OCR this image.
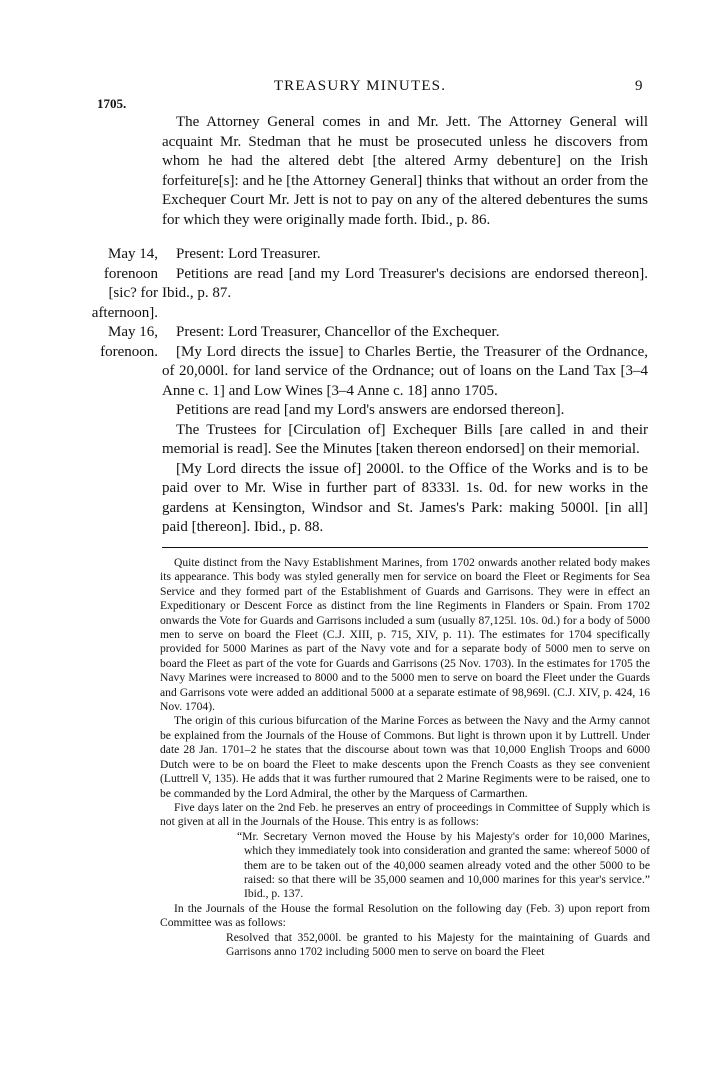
TREASURY MINUTES.	9
1705.

The Attorney General comes in and Mr. Jett. The Attorney General will acquaint Mr. Stedman that he must be prosecuted unless he discovers from whom he had the altered debt [the altered Army debenture] on the Irish forfeiture[s]: and he [the Attorney General] thinks that without an order from the Exchequer Court Mr. Jett is not to pay on any of the altered debentures the sums for which they were originally made forth. Ibid., p. 86.

May 14, forenoon [sic? for afternoon].

Present: Lord Treasurer.

Petitions are read [and my Lord Treasurer's decisions are endorsed thereon]. Ibid., p. 87.

May 16, forenoon.

Present: Lord Treasurer, Chancellor of the Exchequer.

[My Lord directs the issue] to Charles Bertie, the Treasurer of the Ordnance, of 20,000l. for land service of the Ordnance; out of loans on the Land Tax [3–4 Anne c. 1] and Low Wines [3–4 Anne c. 18] anno 1705.

Petitions are read [and my Lord's answers are endorsed thereon].

The Trustees for [Circulation of] Exchequer Bills [are called in and their memorial is read]. See the Minutes [taken thereon endorsed] on their memorial.

[My Lord directs the issue of] 2000l. to the Office of the Works and is to be paid over to Mr. Wise in further part of 8333l. 1s. 0d. for new works in the gardens at Kensington, Windsor and St. James's Park: making 5000l. [in all] paid [thereon]. Ibid., p. 88.

Quite distinct from the Navy Establishment Marines, from 1702 onwards another related body makes its appearance. This body was styled generally men for service on board the Fleet or Regiments for Sea Service and they formed part of the Establishment of Guards and Garrisons. They were in effect an Expeditionary or Descent Force as distinct from the line Regiments in Flanders or Spain. From 1702 onwards the Vote for Guards and Garrisons included a sum (usually 87,125l. 10s. 0d.) for a body of 5000 men to serve on board the Fleet (C.J. XIII, p. 715, XIV, p. 11). The estimates for 1704 specifically provided for 5000 Marines as part of the Navy vote and for a separate body of 5000 men to serve on board the Fleet as part of the vote for Guards and Garrisons (25 Nov. 1703). In the estimates for 1705 the Navy Marines were increased to 8000 and to the 5000 men to serve on board the Fleet under the Guards and Garrisons vote were added an additional 5000 at a separate estimate of 98,969l. (C.J. XIV, p. 424, 16 Nov. 1704).

The origin of this curious bifurcation of the Marine Forces as between the Navy and the Army cannot be explained from the Journals of the House of Commons. But light is thrown upon it by Luttrell. Under date 28 Jan. 1701–2 he states that the discourse about town was that 10,000 English Troops and 6000 Dutch were to be on board the Fleet to make descents upon the French Coasts as they see convenient (Luttrell V, 135). He adds that it was further rumoured that 2 Marine Regiments were to be raised, one to be commanded by the Lord Admiral, the other by the Marquess of Carmarthen.

Five days later on the 2nd Feb. he preserves an entry of proceedings in Committee of Supply which is not given at all in the Journals of the House. This entry is as follows:

“Mr. Secretary Vernon moved the House by his Majesty's order for 10,000 Marines, which they immediately took into consideration and granted the same: whereof 5000 of them are to be taken out of the 40,000 seamen already voted and the other 5000 to be raised: so that there will be 35,000 seamen and 10,000 marines for this year's service.” Ibid., p. 137.

In the Journals of the House the formal Resolution on the following day (Feb. 3) upon report from Committee was as follows:

Resolved that 352,000l. be granted to his Majesty for the maintaining of Guards and Garrisons anno 1702 including 5000 men to serve on board the Fleet
